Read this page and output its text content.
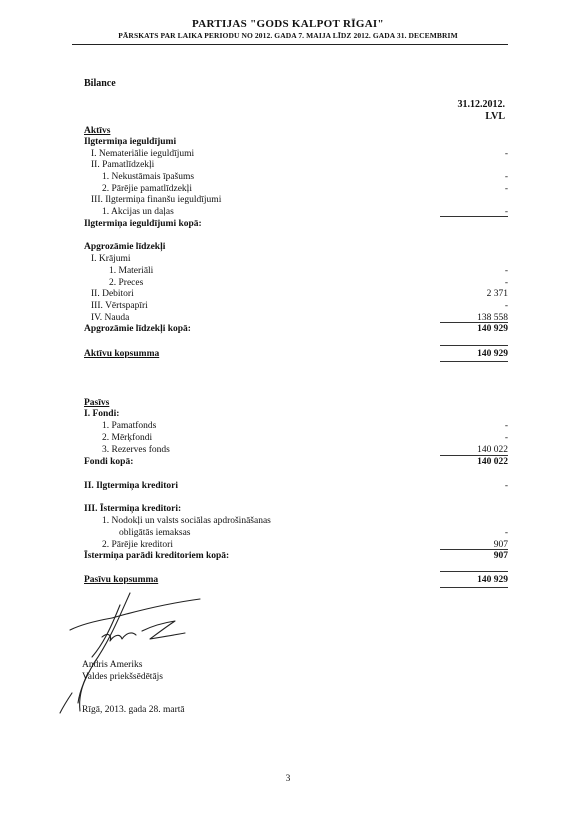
PARTIJAS "GODS KALPOT RĪGAI"
PĀRSKATS PAR LAIKA PERIODU NO 2012. GADA 7. MAIJA LĪDZ 2012. GADA 31. DECEMBRIM
Bilance
31.12.2012.
LVL
Aktīvs
Ilgtermiņa ieguldījumi
I. Nemateriālie ieguldījumi	-
II. Pamatlīdzekļi
1. Nekustāmais īpašums	-
2. Pārējie pamatlīdzekļi	-
III. Ilgtermiņa finanšu ieguldījumi
1. Akcijas un daļas	-
Ilgtermiņa ieguldījumi kopā:
Apgrozāmie līdzekļi
I. Krājumi
1. Materiāli	-
2. Preces	-
II. Debitori	2 371
III. Vērtspapīri	-
IV. Nauda	138 558
Apgrozāmie līdzekļi kopā:	140 929
Aktīvu kopsumma	140 929
Pasīvs
I. Fondi:
1. Pamatfonds	-
2. Mērķfondi	-
3. Rezerves fonds	140 022
Fondi kopā:	140 022
II. Ilgtermiņa kreditori	-
III. Īstermiņa kreditori:
1. Nodokļi un valsts sociālas apdrošināšanas
obligātās iemaksas	-
2. Pārējie kreditori	907
Īstermiņa parādi kreditoriem kopā:	907
Pasīvu kopsumma	140 929
Andris Ameriks
Valdes priekšsēdētājs
Rīgā, 2013. gada 28. martā
3
